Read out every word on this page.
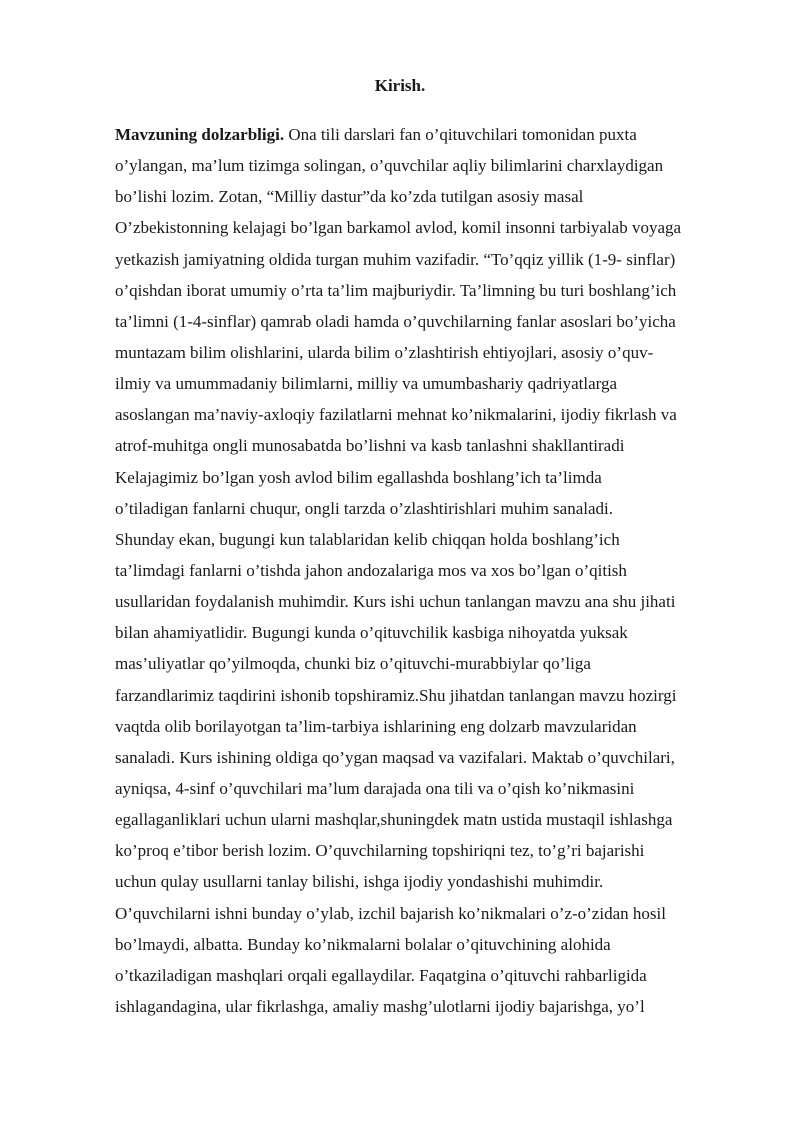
Kirish.
Mavzuning dolzarbligi. Ona tili darslari fan o’qituvchilari tomonidan puxta
o’ylangan, ma’lum tizimga solingan, o’quvchilar aqliy bilimlarini charxlaydigan
bo’lishi lozim. Zotan, “Milliy dastur”da ko’zda tutilgan asosiy masal
O’zbekistonning kelajagi bo’lgan barkamol avlod, komil insonni tarbiyalab voyaga
yetkazish jamiyatning oldida turgan muhim vazifadir. “To’qqiz yillik (1-9- sinflar)
o’qishdan iborat umumiy o’rta ta’lim majburiydir. Ta’limning bu turi boshlang’ich
ta’limni (1-4-sinflar) qamrab oladi hamda o’quvchilarning fanlar asoslari bo’yicha
muntazam bilim olishlarini, ularda bilim o’zlashtirish ehtiyojlari, asosiy o’quv-
ilmiy va umummadaniy bilimlarni, milliy va umumbashariy qadriyatlarga
asoslangan ma’naviy-axloqiy fazilatlarni mehnat ko’nikmalarini, ijodiy fikrlash va
atrof-muhitga ongli munosabatda bo’lishni va kasb tanlashni shakllantiradi
Kelajagimiz bo’lgan yosh avlod bilim egallashda boshlang’ich ta’limda
o’tiladigan fanlarni chuqur, ongli tarzda o’zlashtirishlari muhim sanaladi.
Shunday ekan, bugungi kun talablaridan kelib chiqqan holda boshlang’ich
ta’limdagi fanlarni o’tishda jahon andozalariga mos va xos bo’lgan o’qitish
usullaridan foydalanish muhimdir. Kurs ishi uchun tanlangan mavzu ana shu jihati
bilan ahamiyatlidir. Bugungi kunda o’qituvchilik kasbiga nihoyatda yuksak
mas’uliyatlar qo’yilmoqda, chunki biz o’qituvchi-murabbiylar qo’liga
farzandlarimiz taqdirini ishonib topshiramiz.Shu jihatdan tanlangan mavzu hozirgi
vaqtda olib borilayotgan ta’lim-tarbiya ishlarining eng dolzarb mavzularidan
sanaladi. Kurs ishining oldiga qo’ygan maqsad va vazifalari. Maktab o’quvchilari,
ayniqsa, 4-sinf o’quvchilari ma’lum darajada ona tili va o’qish ko’nikmasini
egallaganliklari uchun ularni mashqlar,shuningdek matn ustida mustaqil ishlashga
ko’proq e’tibor berish lozim. O’quvchilarning topshiriqni tez, to’g’ri bajarishi
uchun qulay usullarni tanlay bilishi, ishga ijodiy yondashishi muhimdir.
O’quvchilarni ishni bunday o’ylab, izchil bajarish ko’nikmalari o’z-o’zidan hosil
bo’lmaydi, albatta. Bunday ko’nikmalarni bolalar o’qituvchining alohida
o’tkaziladigan mashqlari orqali egallaydilar. Faqatgina o’qituvchi rahbarligida
ishlagandagina, ular fikrlashga, amaliy mashg’ulotlarni ijodiy bajarishga, yo’l
